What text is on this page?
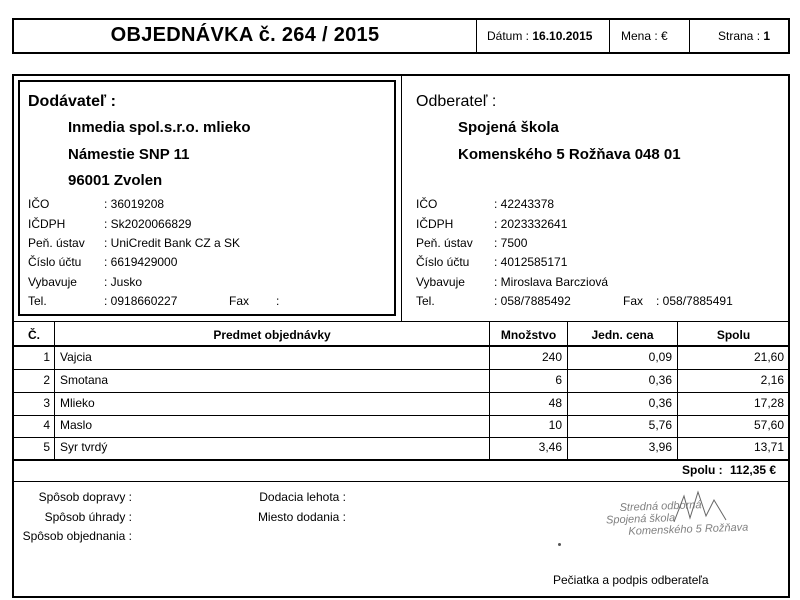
OBJEDNÁVKA č. 264 / 2015	Dátum : 16.10.2015 Mena : €	Strana : 1
Dodávateľ :
Inmedia spol.s.r.o. mlieko
Námestie SNP 11
96001 Zvolen
IČO	: 36019208
IČDPH	: Sk2020066829
Peň. ústav : UniCredit Bank CZ a SK
Číslo účtu : 6619429000
Vybavuje : Jusko
Tel.	: 0918660227	Fax :
Odberateľ :
Spojená škola
Komenského 5 Rožňava 048 01
IČO	: 42243378
IČDPH	: 2023332641
Peň. ústav : 7500
Číslo účtu : 4012585171
Vybavuje : Miroslava Barcziová
Tel.	: 058/7885492	Fax : 058/7885491
Č.	Predmet objednávky	Množstvo	Jedn. cena	Spolu
1 Vajcia	240	0,09	21,60
2 Smotana	6	0,36	2,16
3 Mlieko	48	0,36	17,28
4 Maslo	10	5,76	57,60
5 Syr tvrdý	3,46	3,96	13,71
Spolu : 112,35 €
Spôsob dopravy :
Spôsob úhrady :
Spôsob objednania :
Dodacia lehota :
Miesto dodania :
Stredná odborná
Spojená škola
Komenského 5 Rožňava
Pečiatka a podpis odberateľa
